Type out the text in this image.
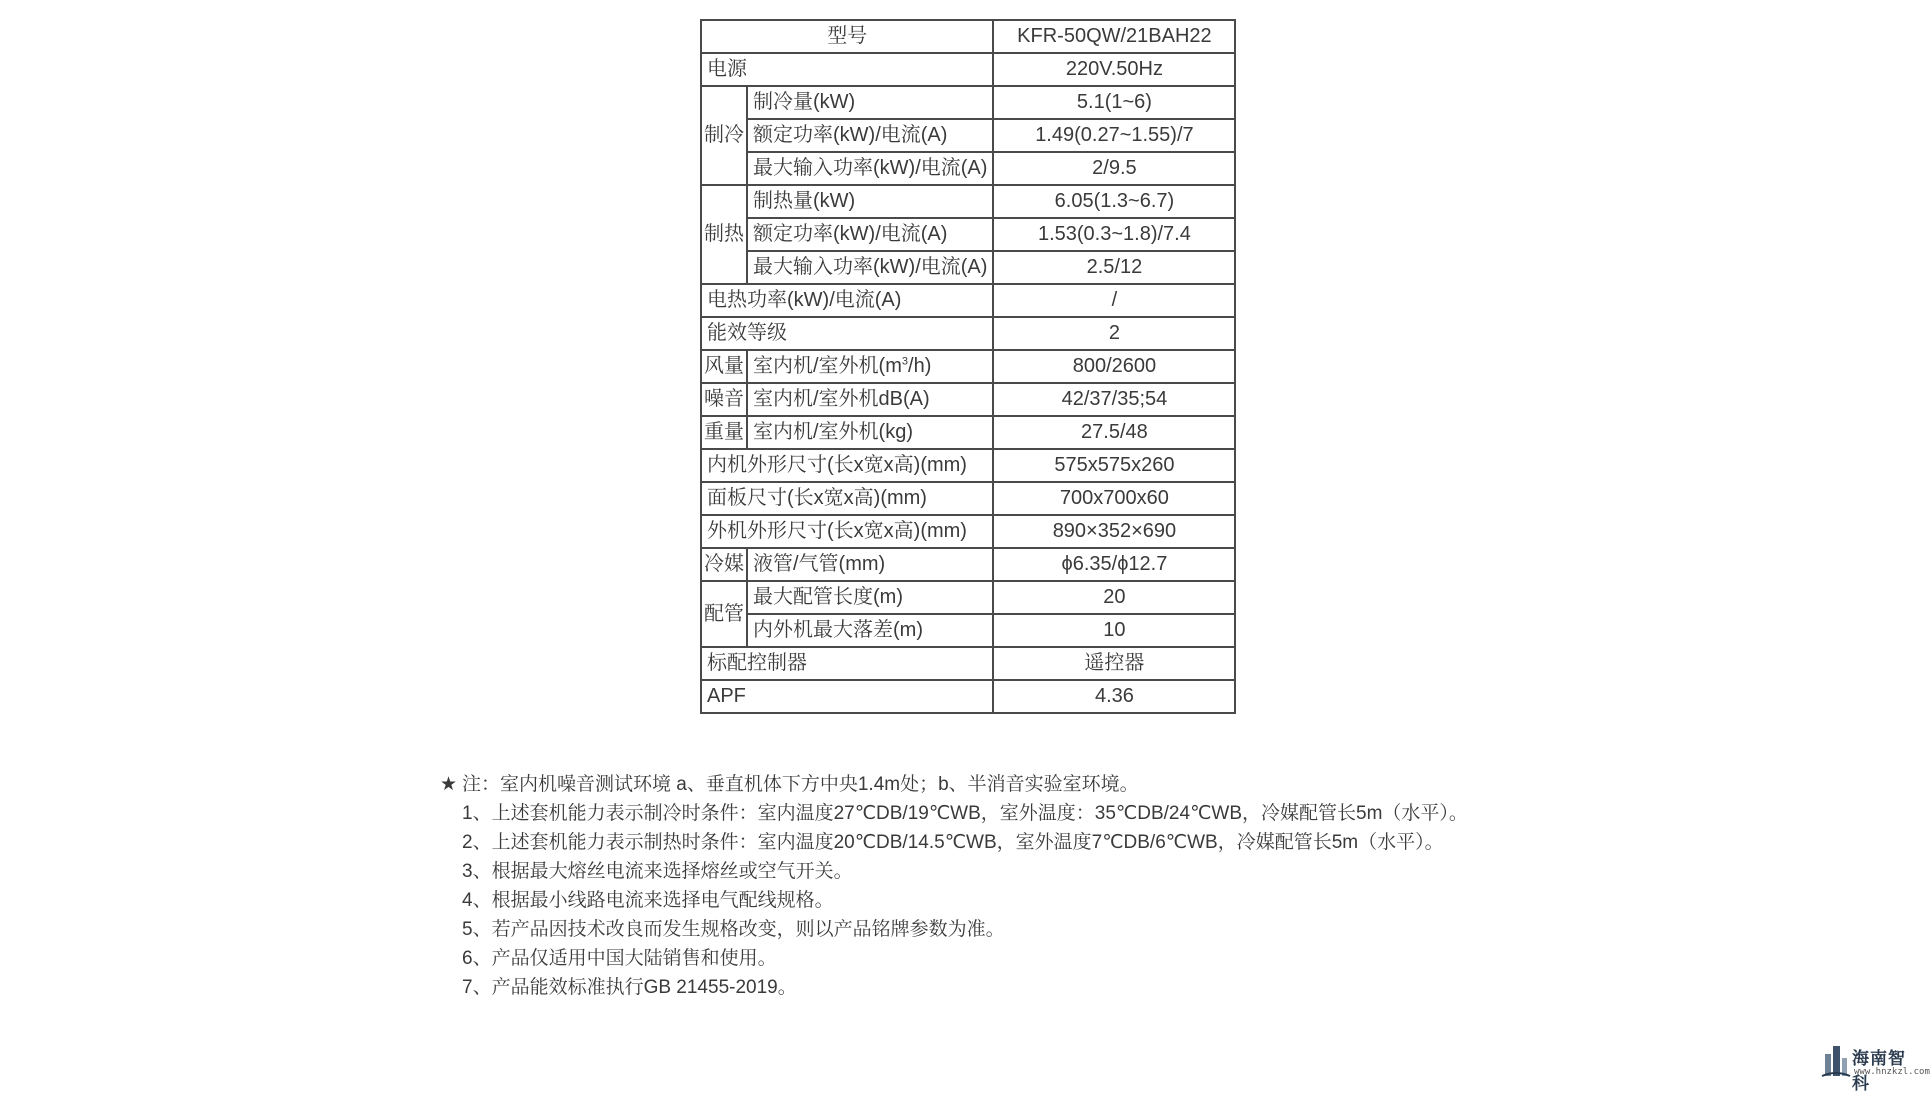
型号		KFR-50QW/21BAH22
电源		220V.50Hz
制冷	制冷量(kW)	5.1(1~6)
	额定功率(kW)/电流(A)	1.49(0.27~1.55)/7
	最大输入功率(kW)/电流(A)	2/9.5
制热	制热量(kW)	6.05(1.3~6.7)
	额定功率(kW)/电流(A)	1.53(0.3~1.8)/7.4
	最大输入功率(kW)/电流(A)	2.5/12
电热功率(kW)/电流(A)		/
能效等级		2
风量	室内机/室外机$(m^3/h)$	800/2600
噪音	室内机/室外机dB(A)	42/37/35;54
重量	室内机/室外机(kg)	27.5/48
内机外形尺寸(长x宽x高)(mm)		575x575x260
面板尺寸(长x宽x高)(mm)		700x700x60
外机外形尺寸(长x宽x高)(mm)		890×352×690
冷媒	液管/气管(mm)	ϕ6.35/ϕ12.7
配管	最大配管长度(m)	20
	内外机最大落差(m)	10
标配控制器		遥控器
APF		4.36
★ 注：室内机噪音测试环境 a、垂直机体下方中央1.4m处；b、半消音实验室环境。
1、上述套机能力表示制冷时条件：室内温度27℃DB/19℃WB，室外温度：35℃DB/24℃WB，冷媒配管长5m（水平）。
2、上述套机能力表示制热时条件：室内温度20℃DB/14.5℃WB，室外温度7℃DB/6℃WB，冷媒配管长5m（水平）。
3、根据最大熔丝电流来选择熔丝或空气开关。
4、根据最小线路电流来选择电气配线规格。
5、若产品因技术改良而发生规格改变，则以产品铭牌参数为准。
6、产品仅适用中国大陆销售和使用。
7、产品能效标准执行GB 21455-2019。
海南智科
www.hnzkzl.com
